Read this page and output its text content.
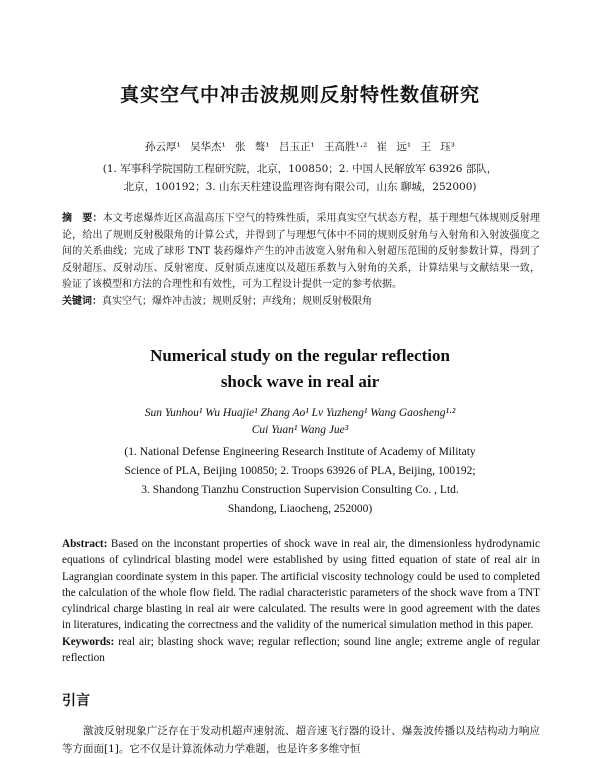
真实空气中冲击波规则反射特性数值研究
孙云厚¹ 吴华杰¹ 张 骜¹ 吕玉正¹ 王高胜¹·² 崔 远¹ 王 珏³
(1. 军事科学院国防工程研究院，北京，100850；2. 中国人民解放军 63926 部队，
北京，100192；3. 山东天柱建设监理咨询有限公司，山东 聊城，252000)
摘　要：本文考虑爆炸近区高温高压下空气的特殊性质，采用真实空气状态方程，基于理想气体规则反射理论，给出了规则反射极限角的计算公式，并得到了与理想气体中不同的规则反射角与入射角和入射波强度之间的关系曲线；完成了球形 TNT 装药爆炸产生的冲击波宽入射角和入射超压范围的反射参数计算，得到了反射超压、反射动压、反射密度、反射质点速度以及超压系数与入射角的关系，计算结果与文献结果一致，验证了该模型和方法的合理性和有效性，可为工程设计提供一定的参考依据。
关键词：真实空气；爆炸冲击波；规则反射；声线角；规则反射极限角
Numerical study on the regular reflection
shock wave in real air
Sun Yunhou¹ Wu Huajie¹ Zhang Ao¹ Lv Yuzheng¹ Wang Gaosheng¹·²
Cui Yuan¹ Wang Jue³
(1. National Defense Engineering Research Institute of Academy of Militaty
Science of PLA, Beijing 100850; 2. Troops 63926 of PLA, Beijing, 100192;
3. Shandong Tianzhu Construction Supervision Consulting Co. , Ltd.
Shandong, Liaocheng, 252000)
Abstract: Based on the inconstant properties of shock wave in real air, the dimensionless hydrodynamic equations of cylindrical blasting model were established by using fitted equation of state of real air in Lagrangian coordinate system in this paper. The artificial viscosity technology could be used to completed the calculation of the whole flow field. The radial characteristic parameters of the shock wave from a TNT cylindrical charge blasting in real air were calculated. The results were in good agreement with the dates in literatures, indicating the correctness and the validity of the numerical simulation method in this paper.
Keywords: real air; blasting shock wave; regular reflection; sound line angle; extreme angle of regular reflection
引言
激波反射现象广泛存在于发动机超声速射流、超音速飞行器的设计、爆轰波传播以及结构动力响应等方面面[1]。它不仅是计算流体动力学难题，也是许多多维守恒
